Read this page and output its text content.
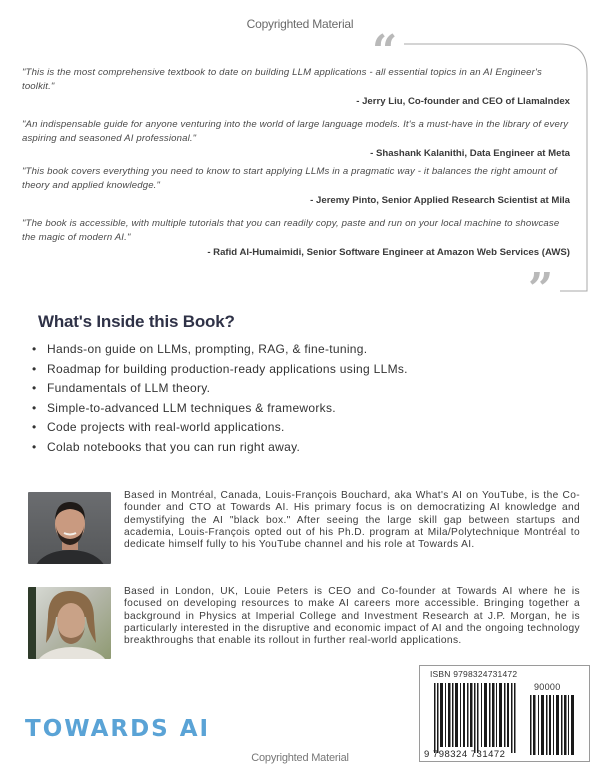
Copyrighted Material
“
"This is the most comprehensive textbook to date on building LLM applications - all essential topics in an AI Engineer's toolkit."
- Jerry Liu, Co-founder and CEO of LlamaIndex
"An indispensable guide for anyone venturing into the world of large language models. It's a must-have in the library of every aspiring and seasoned AI professional."
- Shashank Kalanithi, Data Engineer at Meta
"This book covers everything you need to know to start applying LLMs in a pragmatic way - it balances the right amount of theory and applied knowledge."
- Jeremy Pinto, Senior Applied Research Scientist at Mila
"The book is accessible, with multiple tutorials that you can readily copy, paste and run on your local machine to showcase the magic of modern AI."
- Rafid Al-Humaimidi, Senior Software Engineer at Amazon Web Services (AWS)
”
What's Inside this Book?
• Hands-on guide on LLMs, prompting, RAG, & fine-tuning.
• Roadmap for building production-ready applications using LLMs.
• Fundamentals of LLM theory.
• Simple-to-advanced LLM techniques & frameworks.
• Code projects with real-world applications.
• Colab notebooks that you can run right away.
Based in Montréal, Canada, Louis-François Bouchard, aka What's AI on YouTube, is the Co-founder and CTO at Towards AI. His primary focus is on democratizing AI knowledge and demystifying the AI "black box." After seeing the large skill gap between startups and academia, Louis-François opted out of his Ph.D. program at Mila/Polytechnique Montréal to dedicate himself fully to his YouTube channel and his role at Towards AI.
Based in London, UK, Louie Peters is CEO and Co-founder at Towards AI where he is focused on developing resources to make AI careers more accessible. Bringing together a background in Physics at Imperial College and Investment Research at J.P. Morgan, he is particularly interested in the disruptive and economic impact of AI and the ongoing technology breakthroughs that enable its rollout in further real-world applications.
ISBN 9798324731472
90000
9 798324 731472
TOWARDS AI
Copyrighted Material
